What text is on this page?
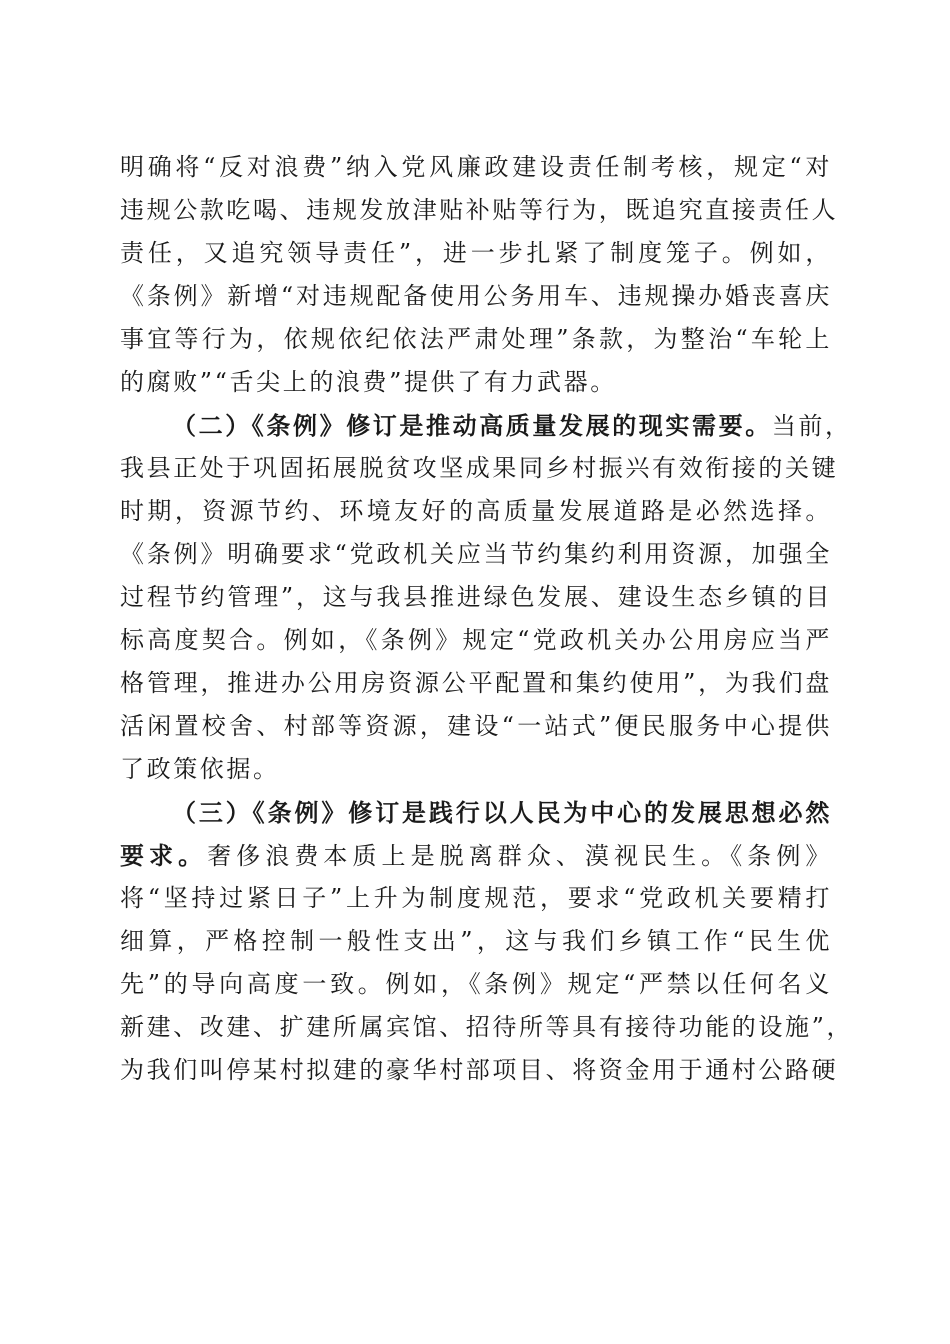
明确将“反对浪费”纳入党风廉政建设责任制考核，规定“对
违规公款吃喝、违规发放津贴补贴等行为，既追究直接责任人
责任，又追究领导责任”，进一步扎紧了制度笼子。例如，
《条例》新增“对违规配备使用公务用车、违规操办婚丧喜庆
事宜等行为，依规依纪依法严肃处理”条款，为整治“车轮上
的腐败”“舌尖上的浪费”提供了有力武器。
（二）《条例》修订是推动高质量发展的现实需要。当前，
我县正处于巩固拓展脱贫攻坚成果同乡村振兴有效衔接的关键
时期，资源节约、环境友好的高质量发展道路是必然选择。
《条例》明确要求“党政机关应当节约集约利用资源，加强全
过程节约管理”，这与我县推进绿色发展、建设生态乡镇的目
标高度契合。例如，《条例》规定“党政机关办公用房应当严
格管理，推进办公用房资源公平配置和集约使用”，为我们盘
活闲置校舍、村部等资源，建设“一站式”便民服务中心提供
了政策依据。
（三）《条例》修订是践行以人民为中心的发展思想必然
要求。奢侈浪费本质上是脱离群众、漠视民生。《条例》
将“坚持过紧日子”上升为制度规范，要求“党政机关要精打
细算，严格控制一般性支出”，这与我们乡镇工作“民生优
先”的导向高度一致。例如，《条例》规定“严禁以任何名义
新建、改建、扩建所属宾馆、招待所等具有接待功能的设施”，
为我们叫停某村拟建的豪华村部项目、将资金用于通村公路硬
